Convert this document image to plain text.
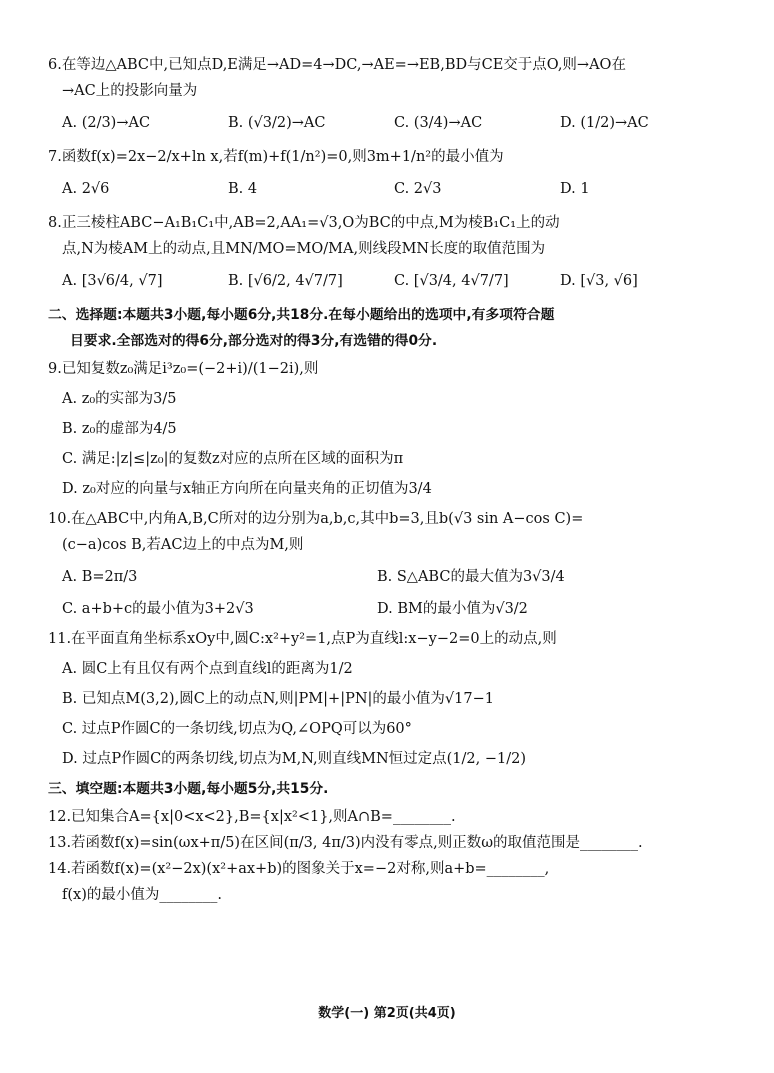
6.在等边△ABC中,已知点D,E满足→AD=4→DC,→AE=→EB,BD与CE交于点O,则→AO在
→AC上的投影向量为
A. (2/3)→AC	B. (√3/2)→AC	C. (3/4)→AC	D. (1/2)→AC
7.函数f(x)=2x−2/x+ln x,若f(m)+f(1/n²)=0,则3m+1/n²的最小值为
A. 2√6	B. 4	C. 2√3	D. 1
8.正三棱柱ABC−A₁B₁C₁中,AB=2,AA₁=√3,O为BC的中点,M为棱B₁C₁上的动
点,N为棱AM上的动点,且MN/MO=MO/MA,则线段MN长度的取值范围为
A. [3√6/4, √7]	B. [√6/2, 4√7/7]	C. [√3/4, 4√7/7]	D. [√3, √6]
二、选择题:本题共3小题,每小题6分,共18分.在每小题给出的选项中,有多项符合题
目要求.全部选对的得6分,部分选对的得3分,有选错的得0分.
9.已知复数z₀满足i³z₀=(−2+i)/(1−2i),则
A. z₀的实部为3/5
B. z₀的虚部为4/5
C. 满足:|z|≤|z₀|的复数z对应的点所在区域的面积为π
D. z₀对应的向量与x轴正方向所在向量夹角的正切值为3/4
10.在△ABC中,内角A,B,C所对的边分别为a,b,c,其中b=3,且b(√3 sin A−cos C)=
(c−a)cos B,若AC边上的中点为M,则
A. B=2π/3	B. S△ABC的最大值为3√3/4
C. a+b+c的最小值为3+2√3	D. BM的最小值为√3/2
11.在平面直角坐标系xOy中,圆C:x²+y²=1,点P为直线l:x−y−2=0上的动点,则
A. 圆C上有且仅有两个点到直线l的距离为1/2
B. 已知点M(3,2),圆C上的动点N,则|PM|+|PN|的最小值为√17−1
C. 过点P作圆C的一条切线,切点为Q,∠OPQ可以为60°
D. 过点P作圆C的两条切线,切点为M,N,则直线MN恒过定点(1/2, −1/2)
三、填空题:本题共3小题,每小题5分,共15分.
12.已知集合A={x|0<x<2},B={x|x²<1},则A∩B=________.
13.若函数f(x)=sin(ωx+π/5)在区间(π/3, 4π/3)内没有零点,则正数ω的取值范围是________.
14.若函数f(x)=(x²−2x)(x²+ax+b)的图象关于x=−2对称,则a+b=________,
f(x)的最小值为________.
数学(一) 第2页(共4页)
